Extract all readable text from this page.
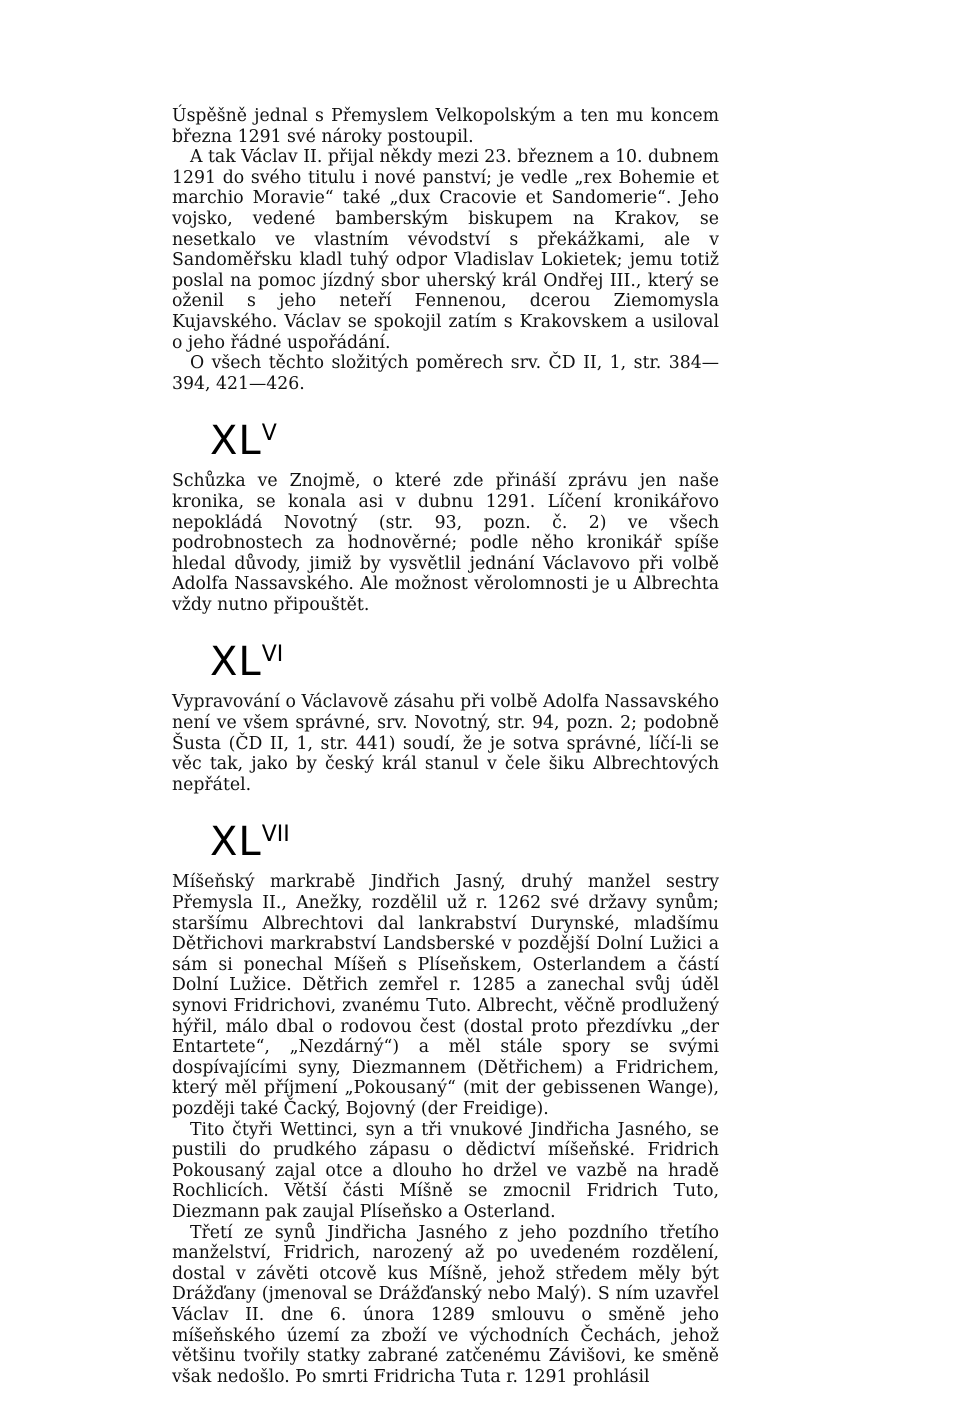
Úspěšně jednal s Přemyslem Velkopolským a ten mu koncem března 1291 své nároky postoupil.

A tak Václav II. přijal někdy mezi 23. březnem a 10. dubnem 1291 do svého titulu i nové panství; je vedle „rex Bohemie et marchio Moravie“ také „dux Cracovie et Sandomerie“. Jeho vojsko, vedené bamberským biskupem na Krakov, se nesetkalo ve vlastním vévodství s překážkami, ale v Sandoměřsku kladl tuhý odpor Vladislav Lokietek; jemu totiž poslal na pomoc jízdný sbor uherský král Ondřej III., který se oženil s jeho neteří Fennenou, dcerou Ziemomysla Kujavského. Václav se spokojil zatím s Krakovskem a usiloval o jeho řádné uspořádání.

O všech těchto složitých poměrech srv. ČD II, 1, str. 384—394, 421—426.

$XL^V$

Schůzka ve Znojmě, o které zde přináší zprávu jen naše kronika, se konala asi v dubnu 1291. Líčení kronikářovo nepokládá Novotný (str. 93, pozn. č. 2) ve všech podrobnostech za hodnověrné; podle něho kronikář spíše hledal důvody, jimiž by vysvětlil jednání Václavovo při volbě Adolfa Nassavského. Ale možnost věrolomnosti je u Albrechta vždy nutno připouštět.

$XL^{VI}$

Vypravování o Václavově zásahu při volbě Adolfa Nassavského není ve všem správné, srv. Novotný, str. 94, pozn. 2; podobně Šusta (ČD II, 1, str. 441) soudí, že je sotva správné, líčí-li se věc tak, jako by český král stanul v čele šiku Albrechtových nepřátel.

$XL^{VII}$

Míšeňský markrabě Jindřich Jasný, druhý manžel sestry Přemysla II., Anežky, rozdělil už r. 1262 své državy synům; staršímu Albrechtovi dal lankrabství Durynské, mladšímu Dětřichovi markrabství Landsberské v pozdější Dolní Lužici a sám si ponechal Míšeň s Plíseňskem, Osterlandem a částí Dolní Lužice. Dětřich zemřel r. 1285 a zanechal svůj úděl synovi Fridrichovi, zvanému Tuto. Albrecht, věčně prodlužený hýřil, málo dbal o rodovou čest (dostal proto přezdívku „der Entartete“, „Nezdárný“) a měl stále spory se svými dospívajícími syny, Diezmannem (Dětřichem) a Fridrichem, který měl příjmení „Pokousaný“ (mit der gebissenen Wange), později také Čacký, Bojovný (der Freidige).

Tito čtyři Wettinci, syn a tři vnukové Jindřicha Jasného, se pustili do prudkého zápasu o dědictví míšeňské. Fridrich Pokousaný zajal otce a dlouho ho držel ve vazbě na hradě Rochlicích. Větší části Míšně se zmocnil Fridrich Tuto, Diezmann pak zaujal Plíseňsko a Osterland.

Třetí ze synů Jindřicha Jasného z jeho pozdního třetího manželství, Fridrich, narozený až po uvedeném rozdělení, dostal v závěti otcově kus Míšně, jehož středem měly být Drážďany (jmenoval se Drážďanský nebo Malý). S ním uzavřel Václav II. dne 6. února 1289 smlouvu o směně jeho míšeňského území za zboží ve východních Čechách, jehož většinu tvořily statky zabrané zatčenému Závišovi, ke směně však nedošlo. Po smrti Fridricha Tuta r. 1291 prohlásil
